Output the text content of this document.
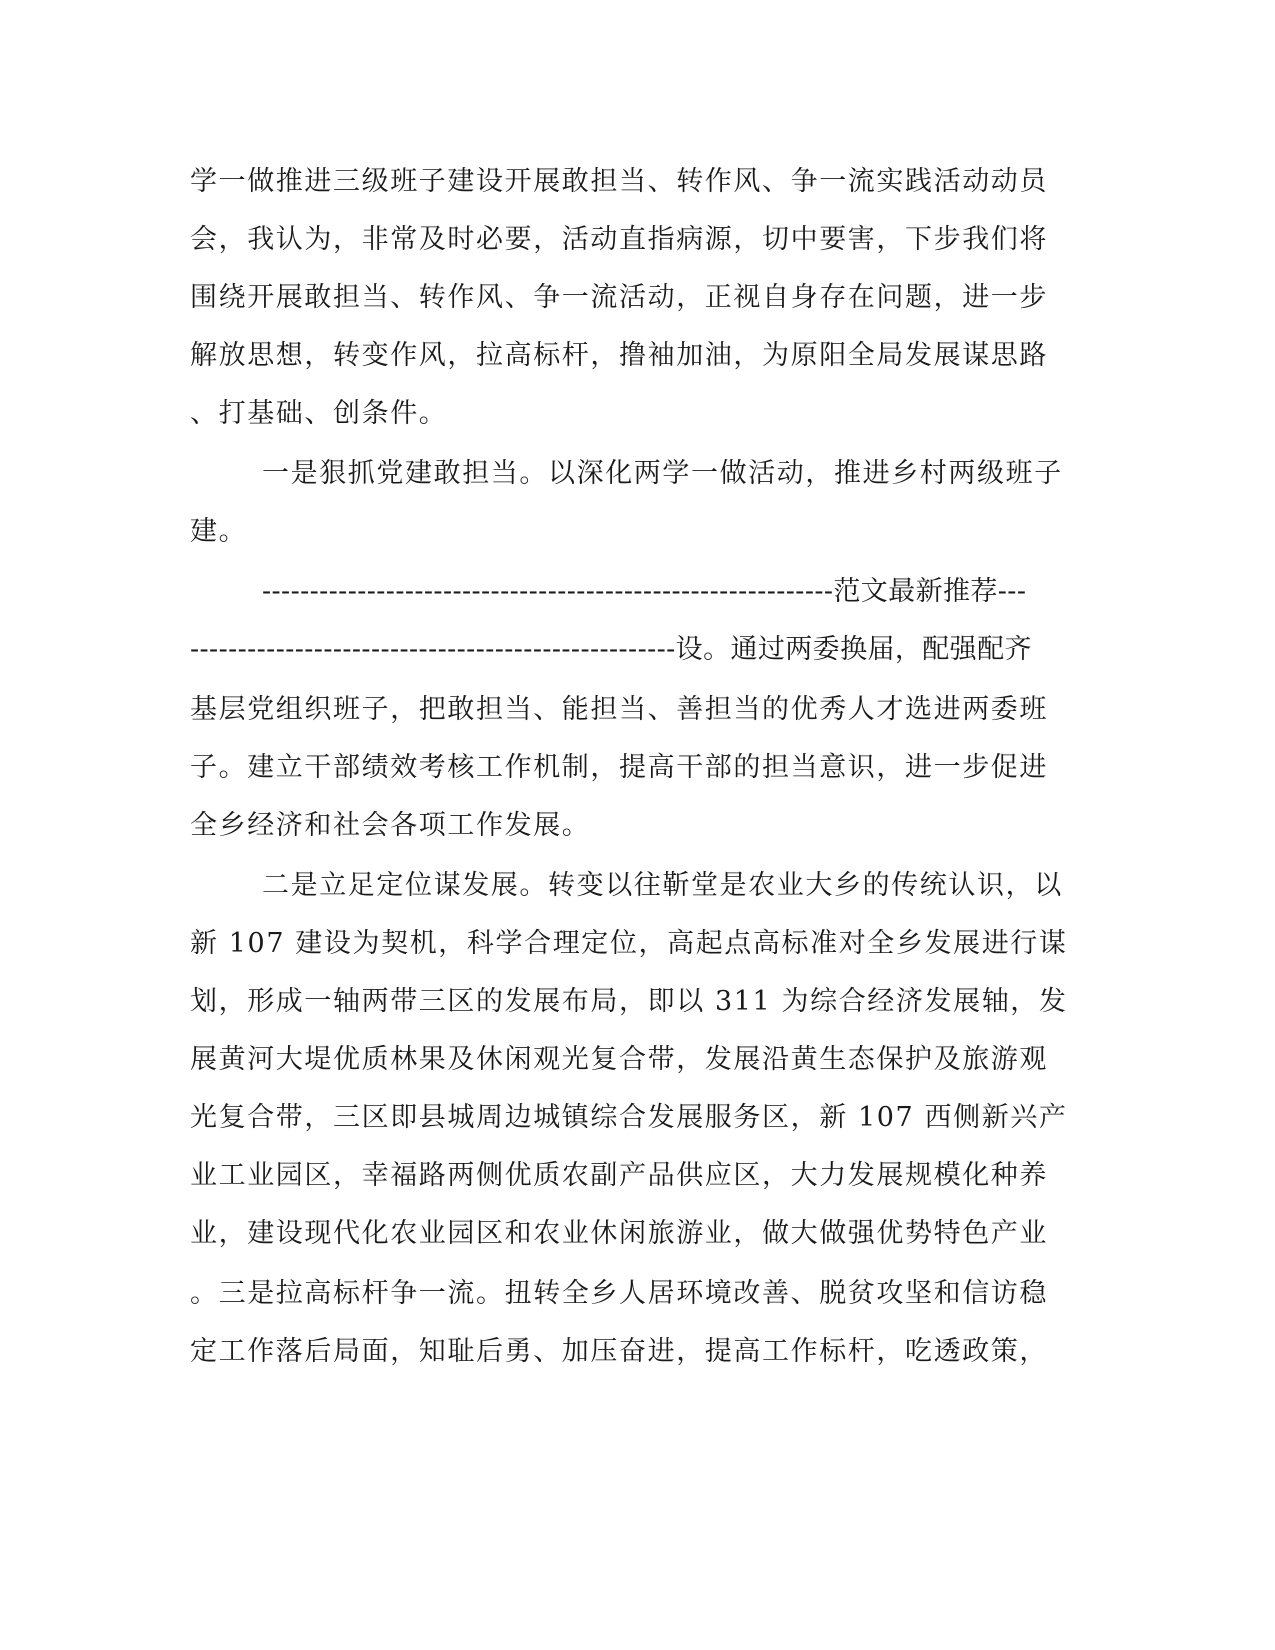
学一做推进三级班子建设开展敢担当、转作风、争一流实践活动动员
会，我认为，非常及时必要，活动直指病源，切中要害，下步我们将
围绕开展敢担当、转作风、争一流活动，正视自身存在问题，进一步
解放思想，转变作风，拉高标杆，撸袖加油，为原阳全局发展谋思路
、打基础、创条件。
一是狠抓党建敢担当。以深化两学一做活动，推进乡村两级班子
建。
------------------------------------------------------------范文最新推荐---
---------------------------------------------------设。通过两委换届，配强配齐
基层党组织班子，把敢担当、能担当、善担当的优秀人才选进两委班
子。建立干部绩效考核工作机制，提高干部的担当意识，进一步促进
全乡经济和社会各项工作发展。
二是立足定位谋发展。转变以往靳堂是农业大乡的传统认识，以
新 107 建设为契机，科学合理定位，高起点高标准对全乡发展进行谋
划，形成一轴两带三区的发展布局，即以 311 为综合经济发展轴，发
展黄河大堤优质林果及休闲观光复合带，发展沿黄生态保护及旅游观
光复合带，三区即县城周边城镇综合发展服务区，新 107 西侧新兴产
业工业园区，幸福路两侧优质农副产品供应区，大力发展规模化种养
业，建设现代化农业园区和农业休闲旅游业，做大做强优势特色产业
。三是拉高标杆争一流。扭转全乡人居环境改善、脱贫攻坚和信访稳
定工作落后局面，知耻后勇、加压奋进，提高工作标杆，吃透政策，
